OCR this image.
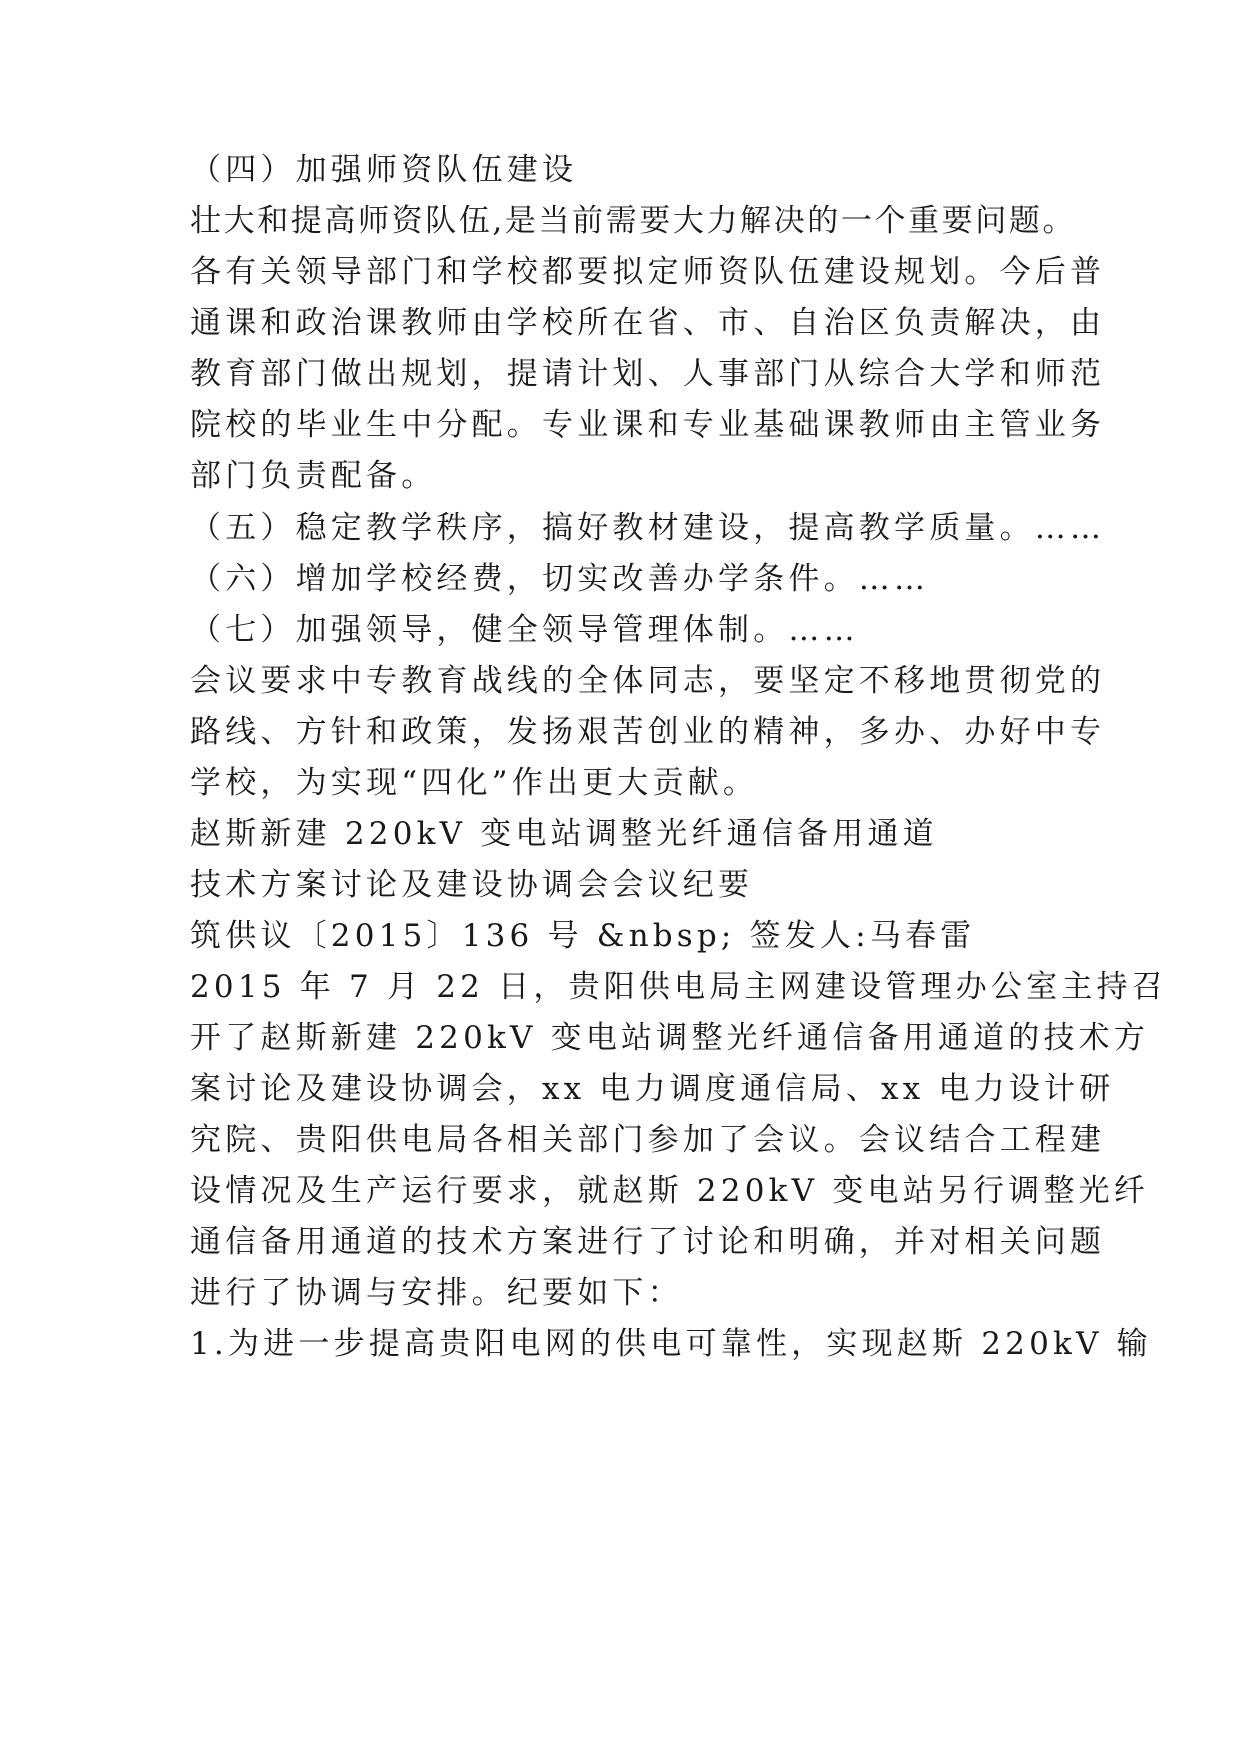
（四）加强师资队伍建设
壮大和提高师资队伍,是当前需要大力解决的一个重要问题。
各有关领导部门和学校都要拟定师资队伍建设规划。今后普
通课和政治课教师由学校所在省、市、自治区负责解决，由
教育部门做出规划，提请计划、人事部门从综合大学和师范
院校的毕业生中分配。专业课和专业基础课教师由主管业务
部门负责配备。
（五）稳定教学秩序，搞好教材建设，提高教学质量。……
（六）增加学校经费，切实改善办学条件。……
（七）加强领导，健全领导管理体制。……
会议要求中专教育战线的全体同志，要坚定不移地贯彻党的
路线、方针和政策，发扬艰苦创业的精神，多办、办好中专
学校，为实现“四化”作出更大贡献。
赵斯新建 220kV 变电站调整光纤通信备用通道
技术方案讨论及建设协调会会议纪要
筑供议〔2015〕136 号 &nbsp; 签发人:马春雷
2015 年 7 月 22 日，贵阳供电局主网建设管理办公室主持召
开了赵斯新建 220kV 变电站调整光纤通信备用通道的技术方
案讨论及建设协调会，xx 电力调度通信局、xx 电力设计研
究院、贵阳供电局各相关部门参加了会议。会议结合工程建
设情况及生产运行要求，就赵斯 220kV 变电站另行调整光纤
通信备用通道的技术方案进行了讨论和明确，并对相关问题
进行了协调与安排。纪要如下：
1.为进一步提高贵阳电网的供电可靠性，实现赵斯 220kV 输
